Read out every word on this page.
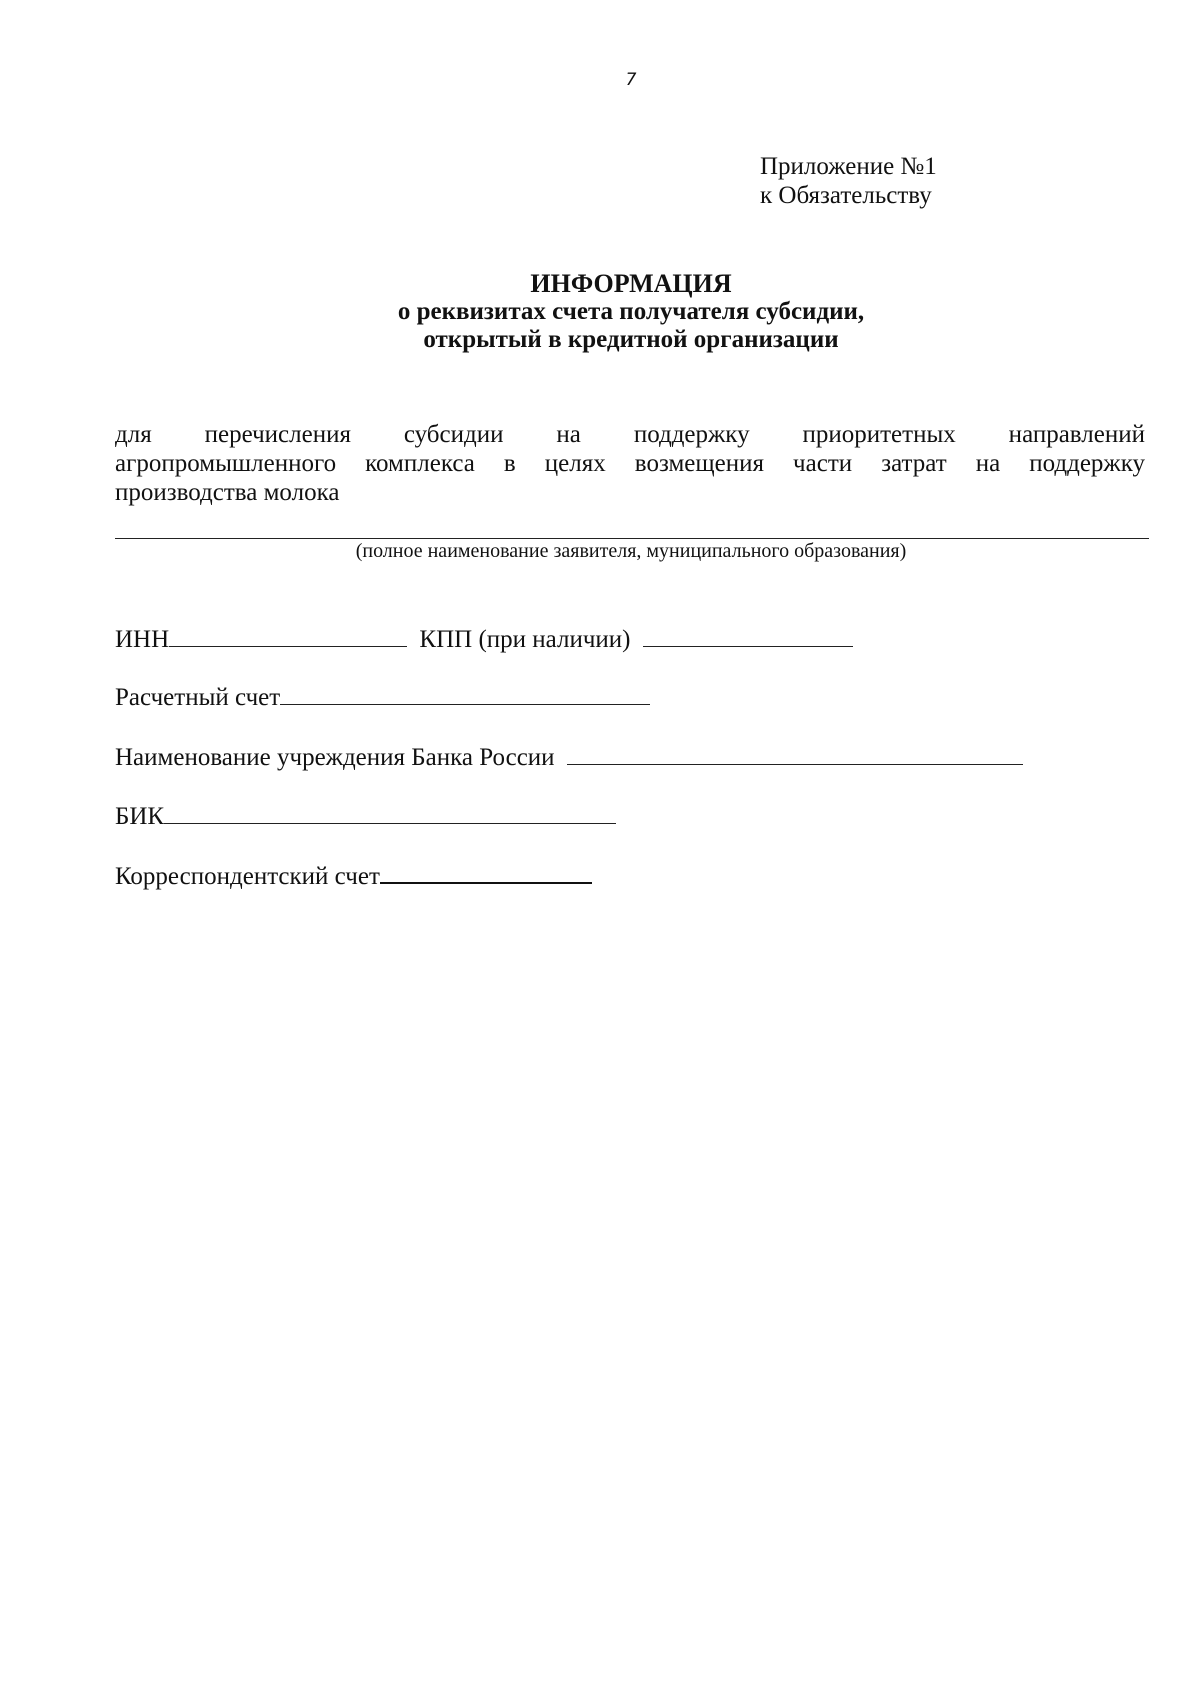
7
Приложение №1
к Обязательству
ИНФОРМАЦИЯ
о реквизитах счета получателя субсидии,
открытый в кредитной организации
для перечисления субсидии на поддержку приоритетных направлений
агропромышленного комплекса в целях возмещения части затрат на поддержку
производства молока
(полное наименование заявителя, муниципального образования)
ИНН	КПП (при наличии)
Расчетный счет
Наименование учреждения Банка России
БИК
Корреспондентский счет
